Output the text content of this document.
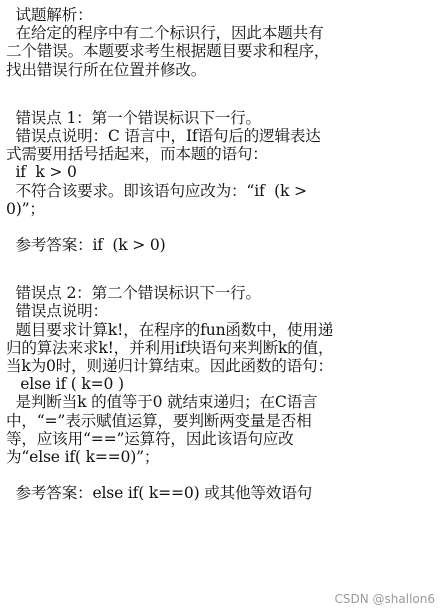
试题解析：
在给定的程序中有二个标识行，因此本题共有
二个错误。本题要求考生根据题目要求和程序，
找出错误行所在位置并修改。
错误点 1：第一个错误标识下一行。
错误点说明：C 语言中，If语句后的逻辑表达
式需要用括号括起来，而本题的语句：
if  k > 0
不符合该要求。即该语句应改为：“if  (k >
0)”；
参考答案：if  (k > 0)
错误点 2：第二个错误标识下一行。
错误点说明：
题目要求计算k!，在程序的fun函数中，使用递
归的算法来求k!，并利用if块语句来判断k的值，
当k为0时，则递归计算结束。因此函数的语句：
else if ( k=0 )
是判断当k 的值等于0 就结束递归；在C语言
中，“=”表示赋值运算，要判断两变量是否相
等，应该用“==”运算符，因此该语句应改
为“else if( k==0)”；
参考答案：else if( k==0) 或其他等效语句
CSDN @shallon6
